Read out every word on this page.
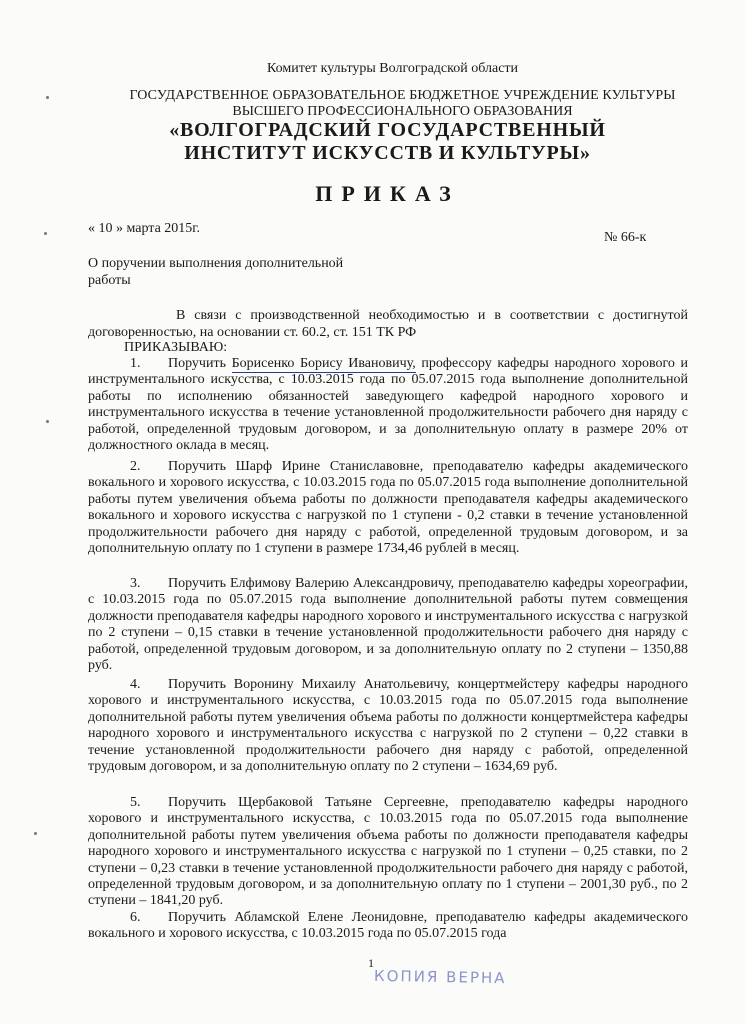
Комитет культуры Волгоградской области
ГОСУДАРСТВЕННОЕ ОБРАЗОВАТЕЛЬНОЕ БЮДЖЕТНОЕ УЧРЕЖДЕНИЕ КУЛЬТУРЫ
ВЫСШЕГО ПРОФЕССИОНАЛЬНОГО ОБРАЗОВАНИЯ
«ВОЛГОГРАДСКИЙ ГОСУДАРСТВЕННЫЙ
ИНСТИТУТ ИСКУССТВ И КУЛЬТУРЫ»
ПРИКАЗ
« 10 » марта 2015г.
№ 66-к
О поручении выполнения дополнительной
работы

В связи с производственной необходимостью и в соответствии с достигнутой договоренностью, на основании ст. 60.2, ст. 151 ТК РФ

ПРИКАЗЫВАЮ:

1. Поручить Борисенко Борису Ивановичу, профессору кафедры народного хорового и инструментального искусства, с 10.03.2015 года по 05.07.2015 года выполнение дополнительной работы по исполнению обязанностей заведующего кафедрой народного хорового и инструментального искусства в течение установленной продолжительности рабочего дня наряду с работой, определенной трудовым договором, и за дополнительную оплату в размере 20% от должностного оклада в месяц.

2. Поручить Шарф Ирине Станиславовне, преподавателю кафедры академического вокального и хорового искусства, с 10.03.2015 года по 05.07.2015 года выполнение дополнительной работы путем увеличения объема работы по должности преподавателя кафедры академического вокального и хорового искусства с нагрузкой по 1 ступени - 0,2 ставки в течение установленной продолжительности рабочего дня наряду с работой, определенной трудовым договором, и за дополнительную оплату по 1 ступени в размере 1734,46 рублей в месяц.

3. Поручить Елфимову Валерию Александровичу, преподавателю кафедры хореографии, с 10.03.2015 года по 05.07.2015 года выполнение дополнительной работы путем совмещения должности преподавателя кафедры народного хорового и инструментального искусства с нагрузкой по 2 ступени – 0,15 ставки в течение установленной продолжительности рабочего дня наряду с работой, определенной трудовым договором, и за дополнительную оплату по 2 ступени – 1350,88 руб.

4. Поручить Воронину Михаилу Анатольевичу, концертмейстеру кафедры народного хорового и инструментального искусства, с 10.03.2015 года по 05.07.2015 года выполнение дополнительной работы путем увеличения объема работы по должности концертмейстера кафедры народного хорового и инструментального искусства с нагрузкой по 2 ступени – 0,22 ставки в течение установленной продолжительности рабочего дня наряду с работой, определенной трудовым договором, и за дополнительную оплату по 2 ступени – 1634,69 руб.

5. Поручить Щербаковой Татьяне Сергеевне, преподавателю кафедры народного хорового и инструментального искусства, с 10.03.2015 года по 05.07.2015 года выполнение дополнительной работы путем увеличения объема работы по должности преподавателя кафедры народного хорового и инструментального искусства с нагрузкой по 1 ступени – 0,25 ставки, по 2 ступени – 0,23 ставки в течение установленной продолжительности рабочего дня наряду с работой, определенной трудовым договором, и за дополнительную оплату по 1 ступени – 2001,30 руб., по 2 ступени – 1841,20 руб.

6. Поручить Абламской Елене Леонидовне, преподавателю кафедры академического вокального и хорового искусства, с 10.03.2015 года по 05.07.2015 года

1
КОПИЯ ВЕРНА
